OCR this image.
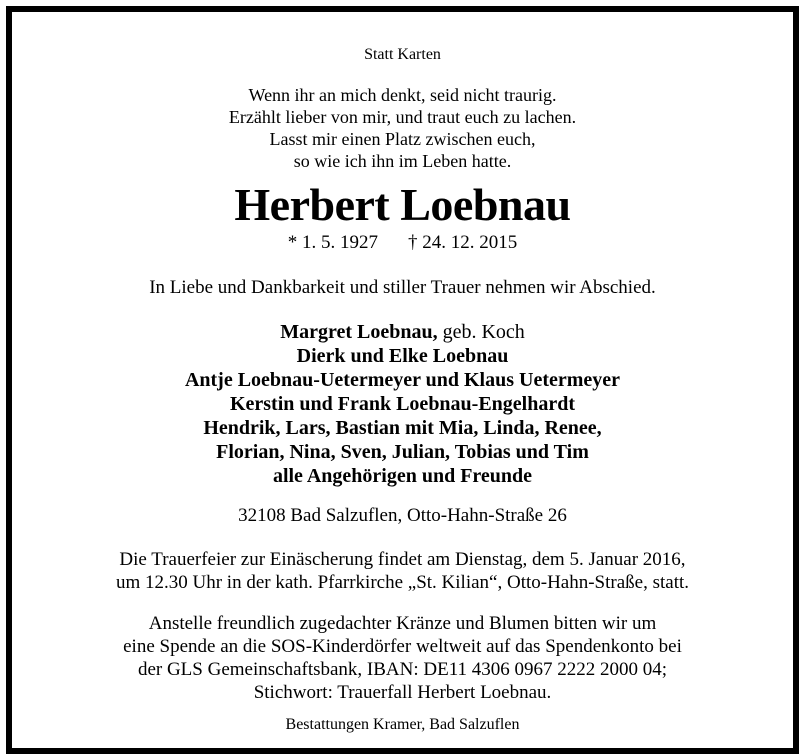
Statt Karten
Wenn ihr an mich denkt, seid nicht traurig.
Erzählt lieber von mir, und traut euch zu lachen.
Lasst mir einen Platz zwischen euch,
so wie ich ihn im Leben hatte.
Herbert Loebnau
* 1. 5. 1927 † 24. 12. 2015
In Liebe und Dankbarkeit und stiller Trauer nehmen wir Abschied.
Margret Loebnau, geb. Koch
Dierk und Elke Loebnau
Antje Loebnau-Uetermeyer und Klaus Uetermeyer
Kerstin und Frank Loebnau-Engelhardt
Hendrik, Lars, Bastian mit Mia, Linda, Renee,
Florian, Nina, Sven, Julian, Tobias und Tim
alle Angehörigen und Freunde
32108 Bad Salzuflen, Otto-Hahn-Straße 26
Die Trauerfeier zur Einäscherung findet am Dienstag, dem 5. Januar 2016,
um 12.30 Uhr in der kath. Pfarrkirche „St. Kilian“, Otto-Hahn-Straße, statt.
Anstelle freundlich zugedachter Kränze und Blumen bitten wir um
eine Spende an die SOS-Kinderdörfer weltweit auf das Spendenkonto bei
der GLS Gemeinschaftsbank, IBAN: DE11 4306 0967 2222 2000 04;
Stichwort: Trauerfall Herbert Loebnau.
Bestattungen Kramer, Bad Salzuflen
